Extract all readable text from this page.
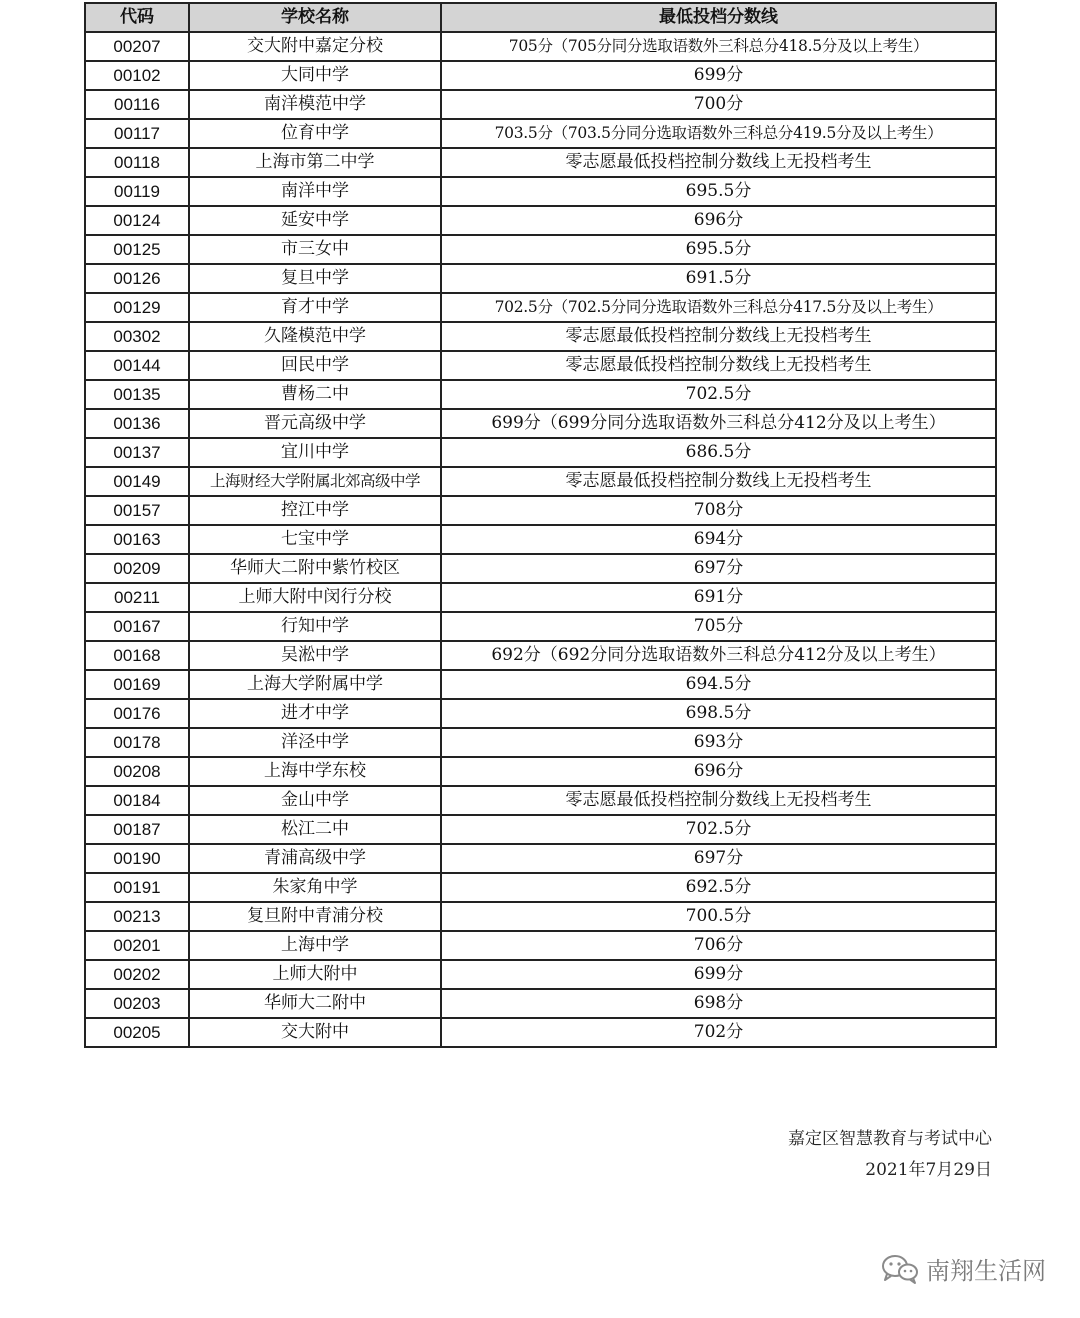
代码	学校名称	最低投档分数线
00207	交大附中嘉定分校	705分（705分同分选取语数外三科总分418.5分及以上考生）
00102	大同中学	699分
00116	南洋模范中学	700分
00117	位育中学	703.5分（703.5分同分选取语数外三科总分419.5分及以上考生）
00118	上海市第二中学	零志愿最低投档控制分数线上无投档考生
00119	南洋中学	695.5分
00124	延安中学	696分
00125	市三女中	695.5分
00126	复旦中学	691.5分
00129	育才中学	702.5分（702.5分同分选取语数外三科总分417.5分及以上考生）
00302	久隆模范中学	零志愿最低投档控制分数线上无投档考生
00144	回民中学	零志愿最低投档控制分数线上无投档考生
00135	曹杨二中	702.5分
00136	晋元高级中学	699分（699分同分选取语数外三科总分412分及以上考生）
00137	宜川中学	686.5分
00149	上海财经大学附属北郊高级中学	零志愿最低投档控制分数线上无投档考生
00157	控江中学	708分
00163	七宝中学	694分
00209	华师大二附中紫竹校区	697分
00211	上师大附中闵行分校	691分
00167	行知中学	705分
00168	吴淞中学	692分（692分同分选取语数外三科总分412分及以上考生）
00169	上海大学附属中学	694.5分
00176	进才中学	698.5分
00178	洋泾中学	693分
00208	上海中学东校	696分
00184	金山中学	零志愿最低投档控制分数线上无投档考生
00187	松江二中	702.5分
00190	青浦高级中学	697分
00191	朱家角中学	692.5分
00213	复旦附中青浦分校	700.5分
00201	上海中学	706分
00202	上师大附中	699分
00203	华师大二附中	698分
00205	交大附中	702分
嘉定区智慧教育与考试中心
2021年7月29日
南翔生活网
